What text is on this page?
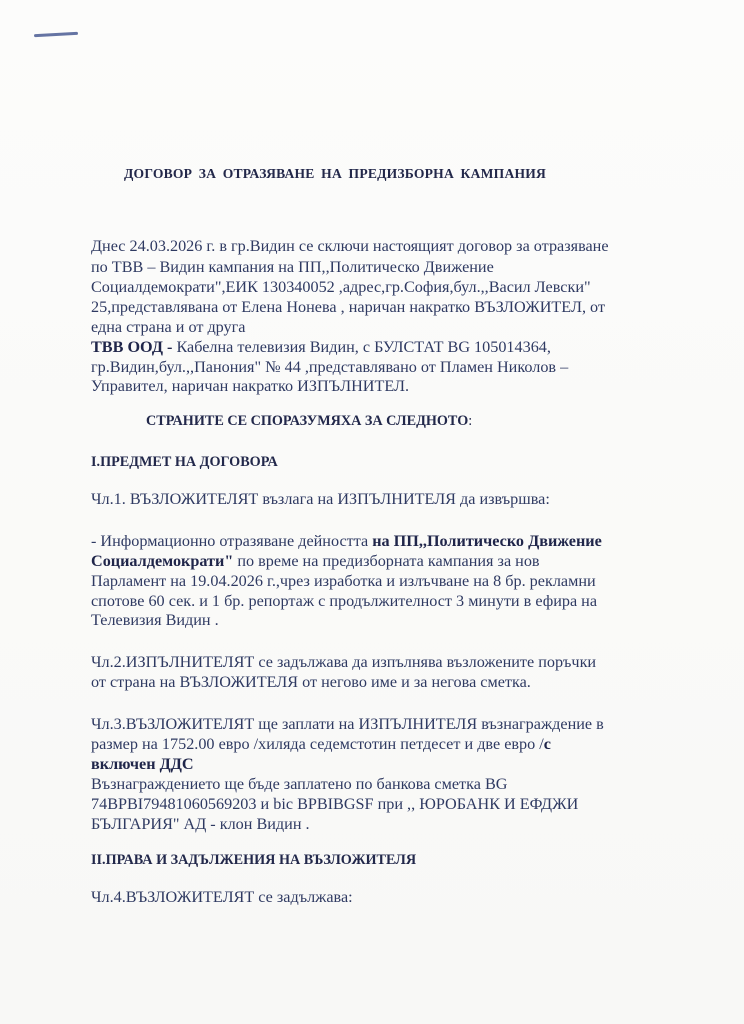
ДОГОВОР ЗА ОТРАЗЯВАНЕ НА ПРЕДИЗБОРНА КАМПАНИЯ
Днес 24.03.2026 г. в гр.Видин се сключи настоящият договор за отразяване
по ТВВ – Видин кампания на ПП,,Политическо Движение
Социалдемократи",ЕИК 130340052 ,адрес,гр.София,бул.,,Васил Левски"
25,представлявана от Елена Нонева , наричан накратко ВЪЗЛОЖИТЕЛ, от
една страна и от друга
ТВВ ООД - Кабелна телевизия Видин, с БУЛСТАТ BG 105014364,
гр.Видин,бул.,,Панония" № 44 ,представлявано от Пламен Николов –
Управител, наричан накратко ИЗПЪЛНИТЕЛ.
СТРАНИТЕ СЕ СПОРАЗУМЯХА ЗА СЛЕДНОТО:
I.ПРЕДМЕТ НА ДОГОВОРА
Чл.1. ВЪЗЛОЖИТЕЛЯТ възлага на ИЗПЪЛНИТЕЛЯ да извършва:
- Информационно отразяване дейността на ПП,,Политическо Движение
Социалдемократи" по време на предизборната кампания за нов
Парламент на 19.04.2026 г.,чрез изработка и излъчване на 8 бр. рекламни
спотове 60 сек. и 1 бр. репортаж с продължителност 3 минути в ефира на
Телевизия Видин .
Чл.2.ИЗПЪЛНИТЕЛЯТ се задължава да изпълнява възложените поръчки
от страна на ВЪЗЛОЖИТЕЛЯ от негово име и за негова сметка.
Чл.3.ВЪЗЛОЖИТЕЛЯТ ще заплати на ИЗПЪЛНИТЕЛЯ възнаграждение в
размер на 1752.00 евро /хиляда седемстотин петдесет и две евро /с
включен ДДС
Възнаграждението ще бъде заплатено по банкова сметка BG
74BPBI79481060569203 и bic BPBIBGSF при ,, ЮРОБАНК И ЕФДЖИ
БЪЛГАРИЯ" АД - клон Видин .
II.ПРАВА И ЗАДЪЛЖЕНИЯ НА ВЪЗЛОЖИТЕЛЯ
Чл.4.ВЪЗЛОЖИТЕЛЯТ се задължава:
